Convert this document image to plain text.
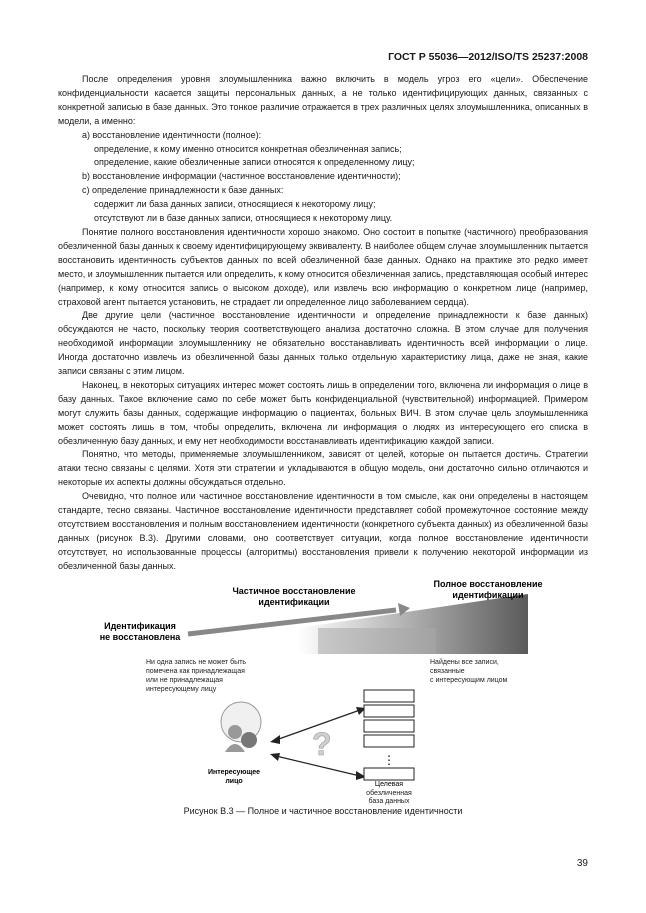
ГОСТ Р 55036—2012/ISO/TS 25237:2008

После определения уровня злоумышленника важно включить в модель угроз его «цели». Обеспечение конфиденциальности касается защиты персональных данных, а не только идентифицирующих данных, связанных с конкретной записью в базе данных. Это тонкое различие отражается в трех различных целях злоумышленника, описанных в модели, а именно:

a) восстановление идентичности (полное):

определение, к кому именно относится конкретная обезличенная запись;

определение, какие обезличенные записи относятся к определенному лицу;

b) восстановление информации (частичное восстановление идентичности);

c) определение принадлежности к базе данных:

содержит ли база данных записи, относящиеся к некоторому лицу;

отсутствуют ли в базе данных записи, относящиеся к некоторому лицу.

Понятие полного восстановления идентичности хорошо знакомо. Оно состоит в попытке (частичного) преобразования обезличенной базы данных к своему идентифицирующему эквиваленту. В наиболее общем случае злоумышленник пытается восстановить идентичность субъектов данных по всей обезличенной базе данных. Однако на практике это редко имеет место, и злоумышленник пытается или определить, к кому относится обезличенная запись, представляющая особый интерес (например, к кому относится запись о высоком доходе), или извлечь всю информацию о конкретном лице (например, страховой агент пытается установить, не страдает ли определенное лицо заболеванием сердца).

Две другие цели (частичное восстановление идентичности и определение принадлежности к базе данных) обсуждаются не часто, поскольку теория соответствующего анализа достаточно сложна. В этом случае для получения необходимой информации злоумышленнику не обязательно восстанавливать идентичность всей информации о лице. Иногда достаточно извлечь из обезличенной базы данных только отдельную характеристику лица, даже не зная, какие записи связаны с этим лицом.

Наконец, в некоторых ситуациях интерес может состоять лишь в определении того, включена ли информация о лице в базу данных. Такое включение само по себе может быть конфиденциальной (чувствительной) информацией. Примером могут служить базы данных, содержащие информацию о пациентах, больных ВИЧ. В этом случае цель злоумышленника может состоять лишь в том, чтобы определить, включена ли информация о людях из интересующего его списка в обезличенную базу данных, и ему нет необходимости восстанавливать идентификацию каждой записи.

Понятно, что методы, применяемые злоумышленником, зависят от целей, которые он пытается достичь. Стратегии атаки тесно связаны с целями. Хотя эти стратегии и укладываются в общую модель, они достаточно сильно отличаются и некоторые их аспекты должны обсуждаться отдельно.

Очевидно, что полное или частичное восстановление идентичности в том смысле, как они определены в настоящем стандарте, тесно связаны. Частичное восстановление идентичности представляет собой промежуточное состояние между отсутствием восстановления и полным восстановлением идентичности (конкретного субъекта данных) из обезличенной базы данных (рисунок В.3). Другими словами, оно соответствует ситуации, когда полное восстановление идентичности отсутствует, но использованные процессы (алгоритмы) восстановления привели к получению некоторой информации из обезличенной базы данных.

Частичное восстановление
идентификации
Полное восстановление
идентификации
Идентификация
не восстановлена
Ни одна запись не может быть
помечена как принадлежащая
или не принадлежащая
интересующему лицу
Найдены все записи,
связанные
с интересующим лицом
Интересующее
лицо
?	⋮
Целевая
обезличенная
база данных
Рисунок В.3 — Полное и частичное восстановление идентичности
39
